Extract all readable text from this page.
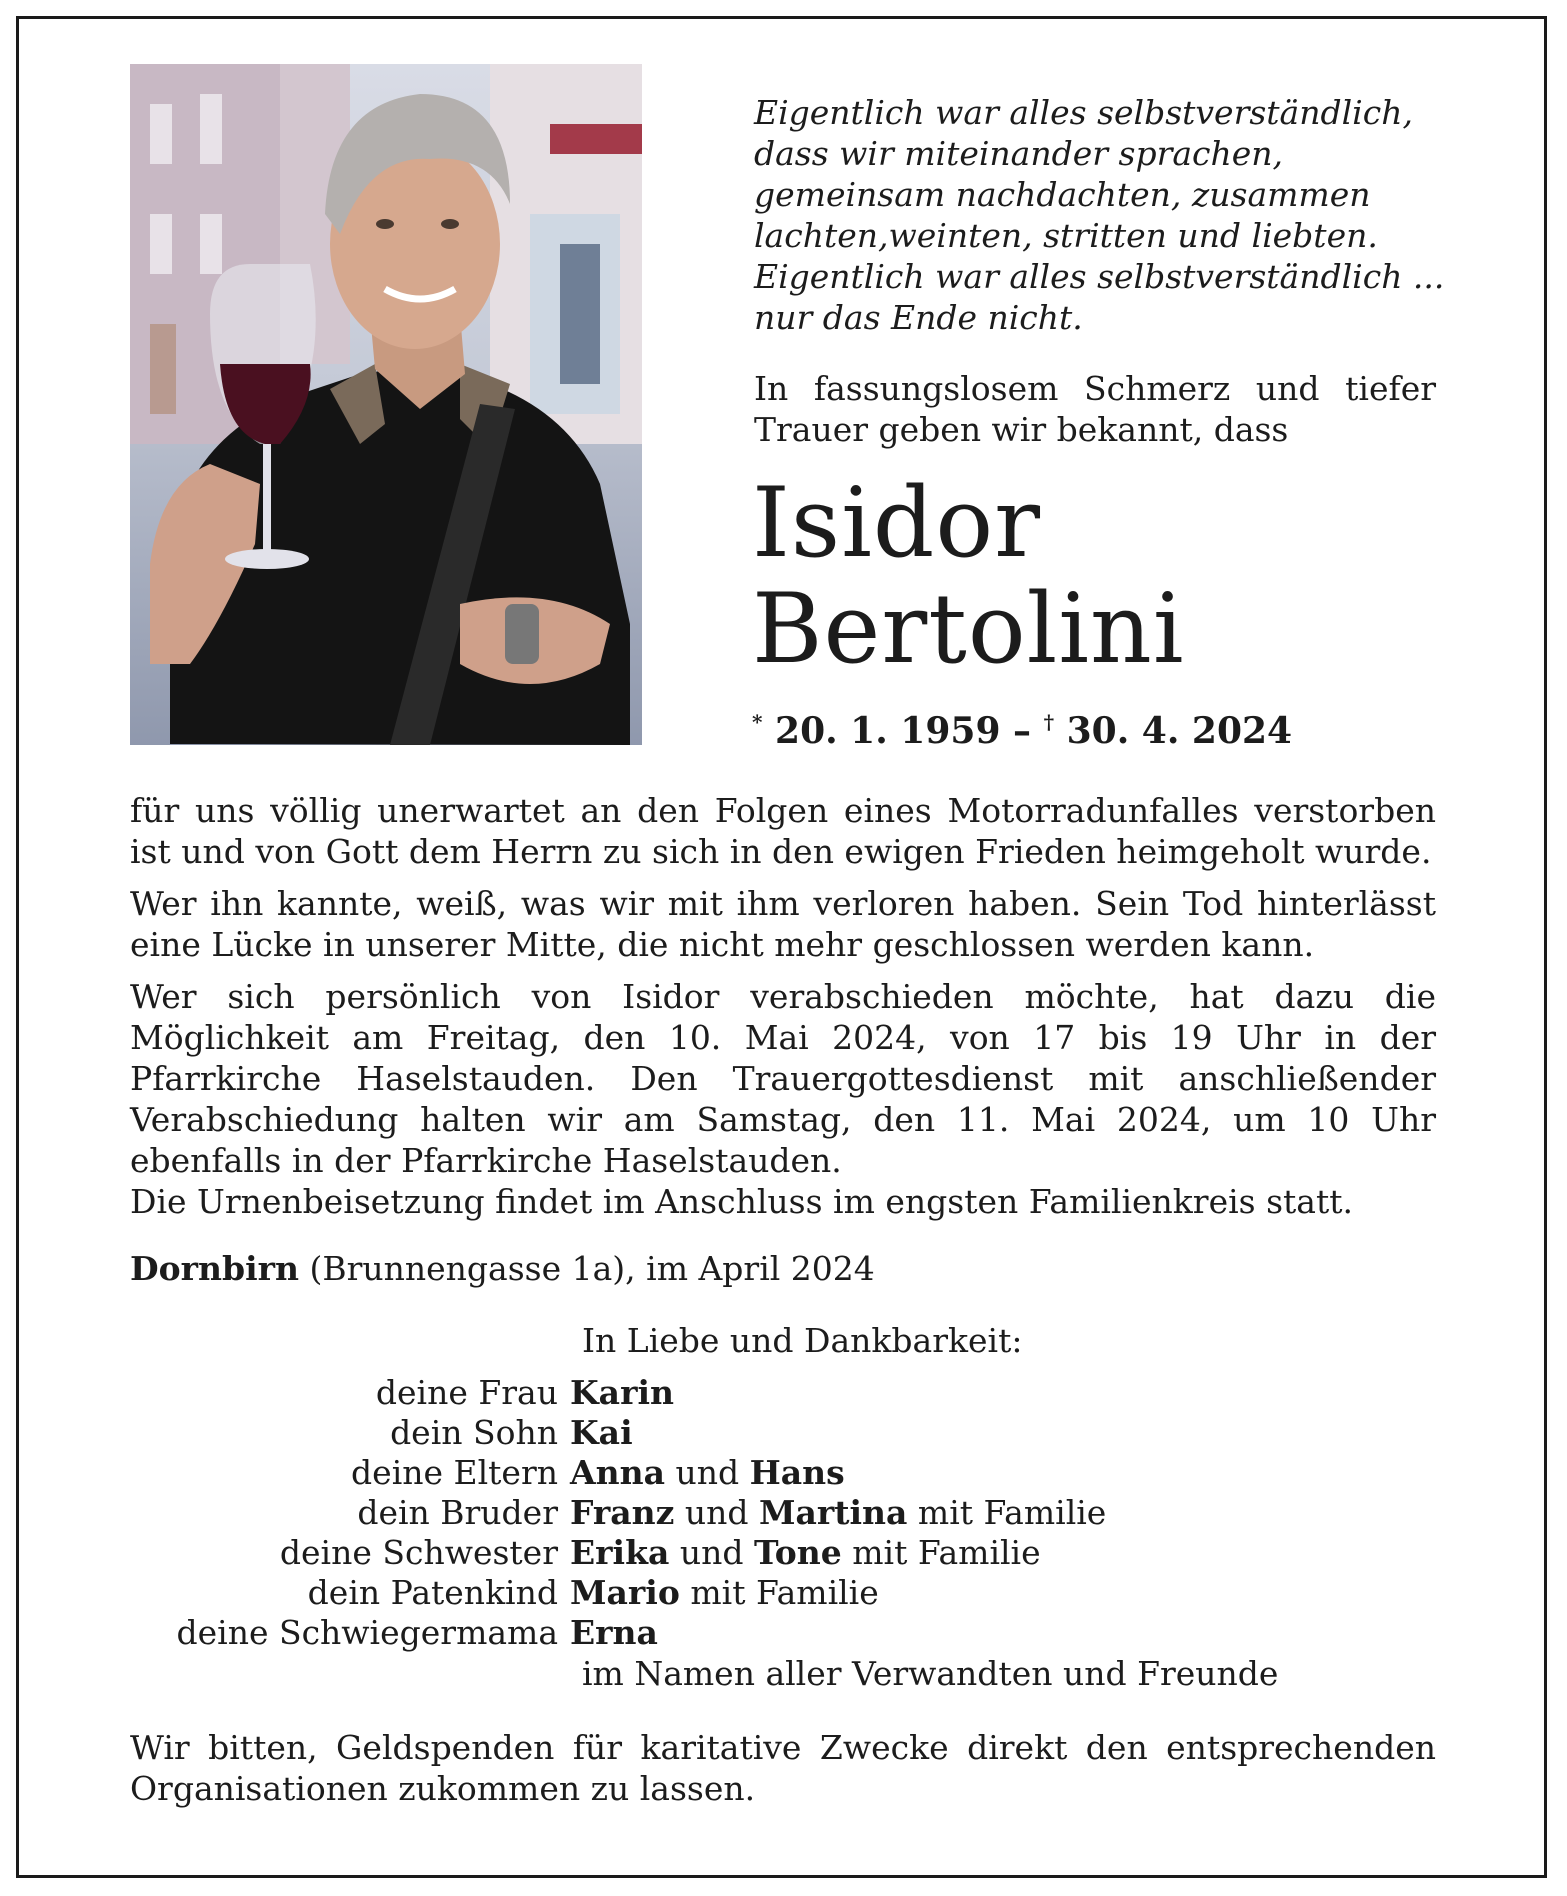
Eigentlich war alles selbstverständlich,
dass wir miteinander sprachen,
gemeinsam nachdachten, zusammen
lachten,weinten, stritten und liebten.
Eigentlich war alles selbstverständlich ...
nur das Ende nicht.

In fassungslosem Schmerz und tiefer Trauer geben wir bekannt, dass

Isidor
Bertolini
* 20. 1. 1959 – † 30. 4. 2024

für uns völlig unerwartet an den Folgen eines Motorradunfalles verstorben ist und von Gott dem Herrn zu sich in den ewigen Frieden heimgeholt wurde.

Wer ihn kannte, weiß, was wir mit ihm verloren haben. Sein Tod hinterlässt eine Lücke in unserer Mitte, die nicht mehr geschlossen werden kann.

Wer sich persönlich von Isidor verabschieden möchte, hat dazu die Möglichkeit am Freitag, den 10. Mai 2024, von 17 bis 19 Uhr in der Pfarrkirche Haselstauden. Den Trauergottesdienst mit anschließender Verabschiedung halten wir am Samstag, den 11. Mai 2024, um 10 Uhr ebenfalls in der Pfarrkirche Haselstauden.

Die Urnenbeisetzung findet im Anschluss im engsten Familienkreis statt.

Dornbirn (Brunnengasse 1a), im April 2024
In Liebe und Dankbarkeit:
deine Frau Karin
dein Sohn Kai
deine Eltern Anna und Hans
dein Bruder Franz und Martina mit Familie
deine Schwester Erika und Tone mit Familie
dein Patenkind Mario mit Familie
deine Schwiegermama Erna
im Namen aller Verwandten und Freunde

Wir bitten, Geldspenden für karitative Zwecke direkt den entsprechenden Organisationen zukommen zu lassen.
